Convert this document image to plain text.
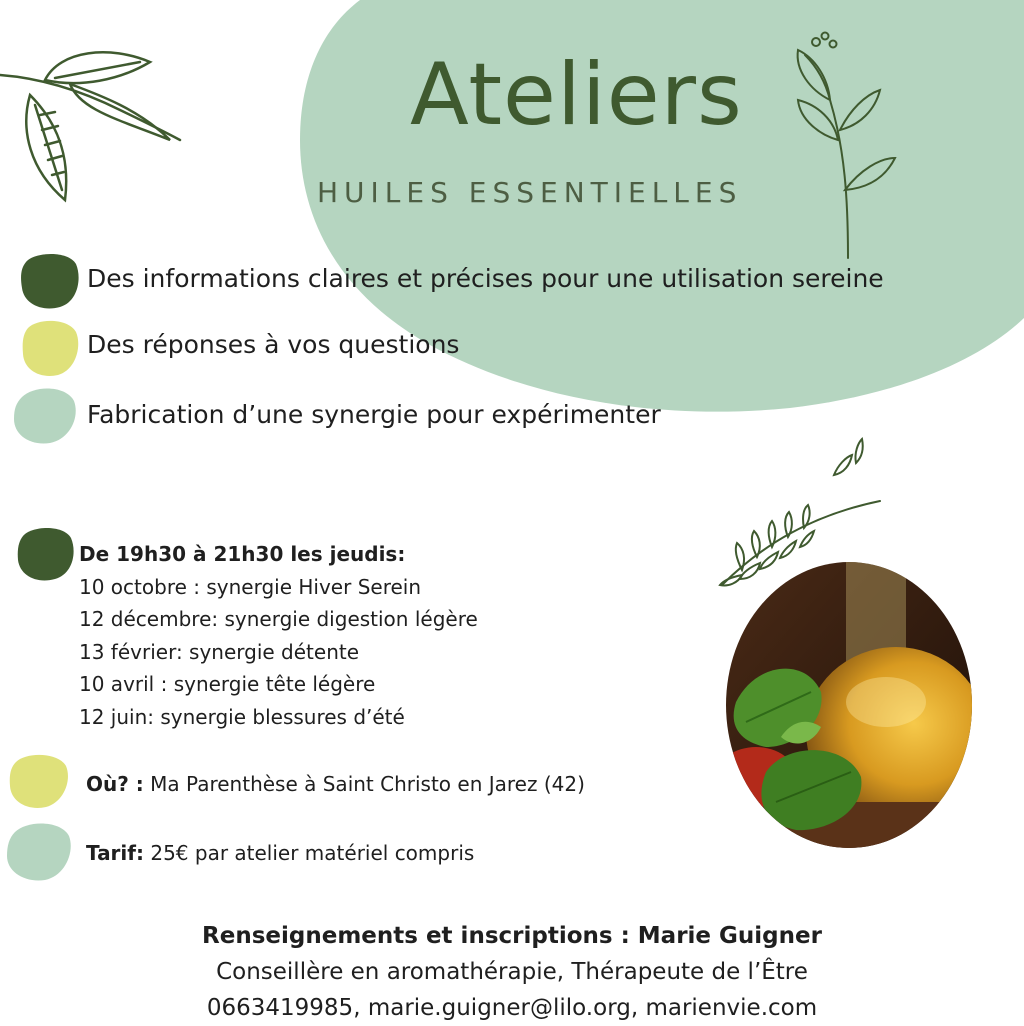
Ateliers
HUILES ESSENTIELLES
Des informations claires et précises pour une utilisation sereine
Des réponses à vos questions
Fabrication d’une synergie pour expérimenter
De 19h30 à 21h30 les jeudis:
10 octobre : synergie Hiver Serein
12 décembre: synergie digestion légère
13 février: synergie détente
10 avril : synergie tête légère
12 juin: synergie blessures d’été
Où? : Ma Parenthèse à Saint Christo en Jarez (42)
Tarif: 25€ par atelier matériel compris
Renseignements et inscriptions : Marie Guigner
Conseillère en aromathérapie, Thérapeute de l’Être
0663419985, marie.guigner@lilo.org, marienvie.com
